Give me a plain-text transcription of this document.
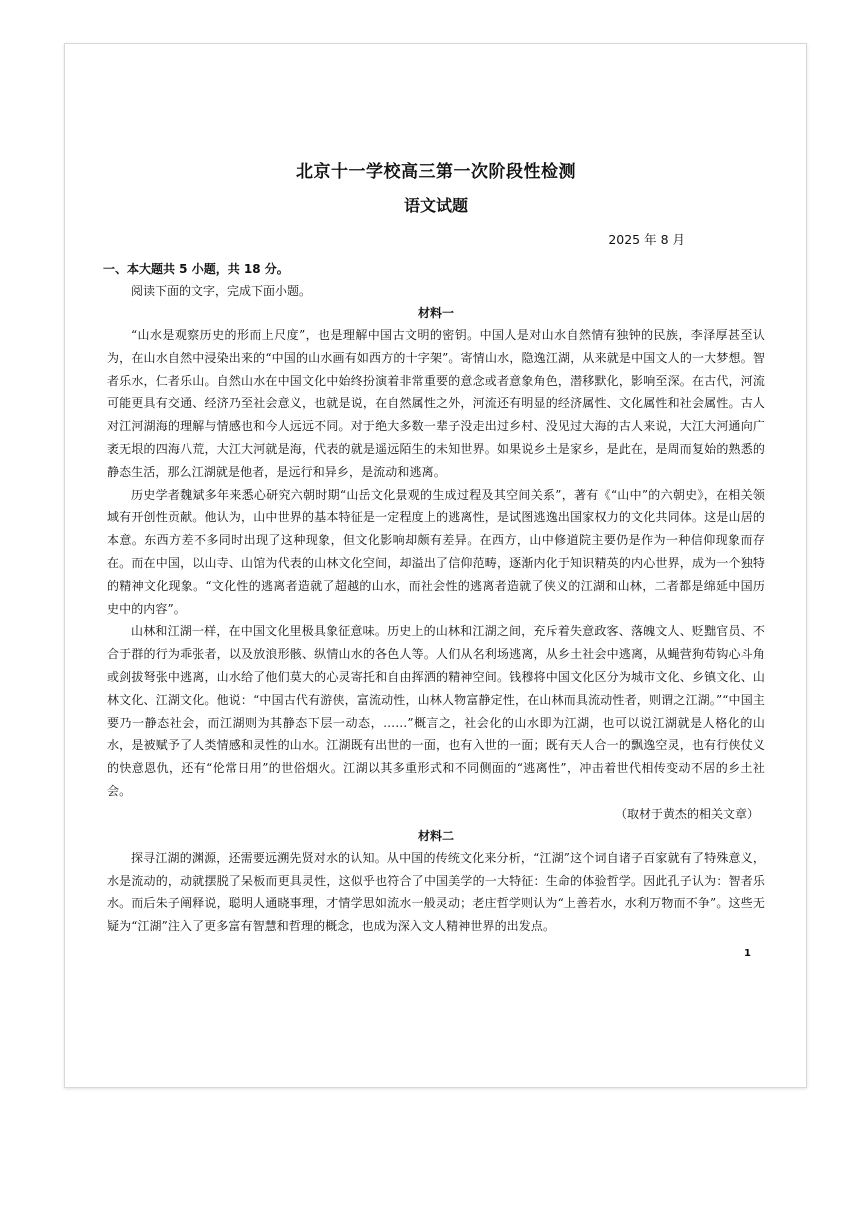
北京十一学校高三第一次阶段性检测
语文试题
2025 年 8 月
一、本大题共 5 小题，共 18 分。
阅读下面的文字，完成下面小题。
材料一

“山水是观察历史的形而上尺度”，也是理解中国古文明的密钥。中国人是对山水自然情有独钟的民族，李泽厚甚至认为，在山水自然中浸染出来的“中国的山水画有如西方的十字架”。寄情山水，隐逸江湖，从来就是中国文人的一大梦想。智者乐水，仁者乐山。自然山水在中国文化中始终扮演着非常重要的意念或者意象角色，潜移默化，影响至深。在古代，河流可能更具有交通、经济乃至社会意义，也就是说，在自然属性之外，河流还有明显的经济属性、文化属性和社会属性。古人对江河湖海的理解与情感也和今人远远不同。对于绝大多数一辈子没走出过乡村、没见过大海的古人来说，大江大河通向广袤无垠的四海八荒，大江大河就是海，代表的就是遥远陌生的未知世界。如果说乡土是家乡，是此在，是周而复始的熟悉的静态生活，那么江湖就是他者，是远行和异乡，是流动和逃离。

历史学者魏斌多年来悉心研究六朝时期“山岳文化景观的生成过程及其空间关系”，著有《“山中”的六朝史》，在相关领域有开创性贡献。他认为，山中世界的基本特征是一定程度上的逃离性，是试图逃逸出国家权力的文化共同体。这是山居的本意。东西方差不多同时出现了这种现象，但文化影响却颇有差异。在西方，山中修道院主要仍是作为一种信仰现象而存在。而在中国，以山寺、山馆为代表的山林文化空间，却溢出了信仰范畴，逐渐内化于知识精英的内心世界，成为一个独特的精神文化现象。“文化性的逃离者造就了超越的山水，而社会性的逃离者造就了侠义的江湖和山林，二者都是绵延中国历史中的内容”。

山林和江湖一样，在中国文化里极具象征意味。历史上的山林和江湖之间，充斥着失意政客、落魄文人、贬黜官员、不合于群的行为乖张者，以及放浪形骸、纵情山水的各色人等。人们从名利场逃离，从乡土社会中逃离，从蝇营狗苟钩心斗角或剑拔弩张中逃离，山水给了他们莫大的心灵寄托和自由挥洒的精神空间。钱穆将中国文化区分为城市文化、乡镇文化、山林文化、江湖文化。他说：“中国古代有游侠，富流动性，山林人物富静定性，在山林而具流动性者，则谓之江湖。”“中国主要乃一静态社会，而江湖则为其静态下层一动态，……”概言之，社会化的山水即为江湖，也可以说江湖就是人格化的山水，是被赋予了人类情感和灵性的山水。江湖既有出世的一面，也有入世的一面；既有天人合一的飘逸空灵，也有行侠仗义的快意恩仇，还有“伦常日用”的世俗烟火。江湖以其多重形式和不同侧面的“逃离性”，冲击着世代相传变动不居的乡土社会。

（取材于黄杰的相关文章）
材料二

探寻江湖的渊源，还需要远溯先贤对水的认知。从中国的传统文化来分析，“江湖”这个词自诸子百家就有了特殊意义，水是流动的，动就摆脱了呆板而更具灵性，这似乎也符合了中国美学的一大特征：生命的体验哲学。因此孔子认为：智者乐水。而后朱子阐释说，聪明人通晓事理，才情学思如流水一般灵动；老庄哲学则认为“上善若水，水利万物而不争”。这些无疑为“江湖”注入了更多富有智慧和哲理的概念，也成为深入文人精神世界的出发点。

1
